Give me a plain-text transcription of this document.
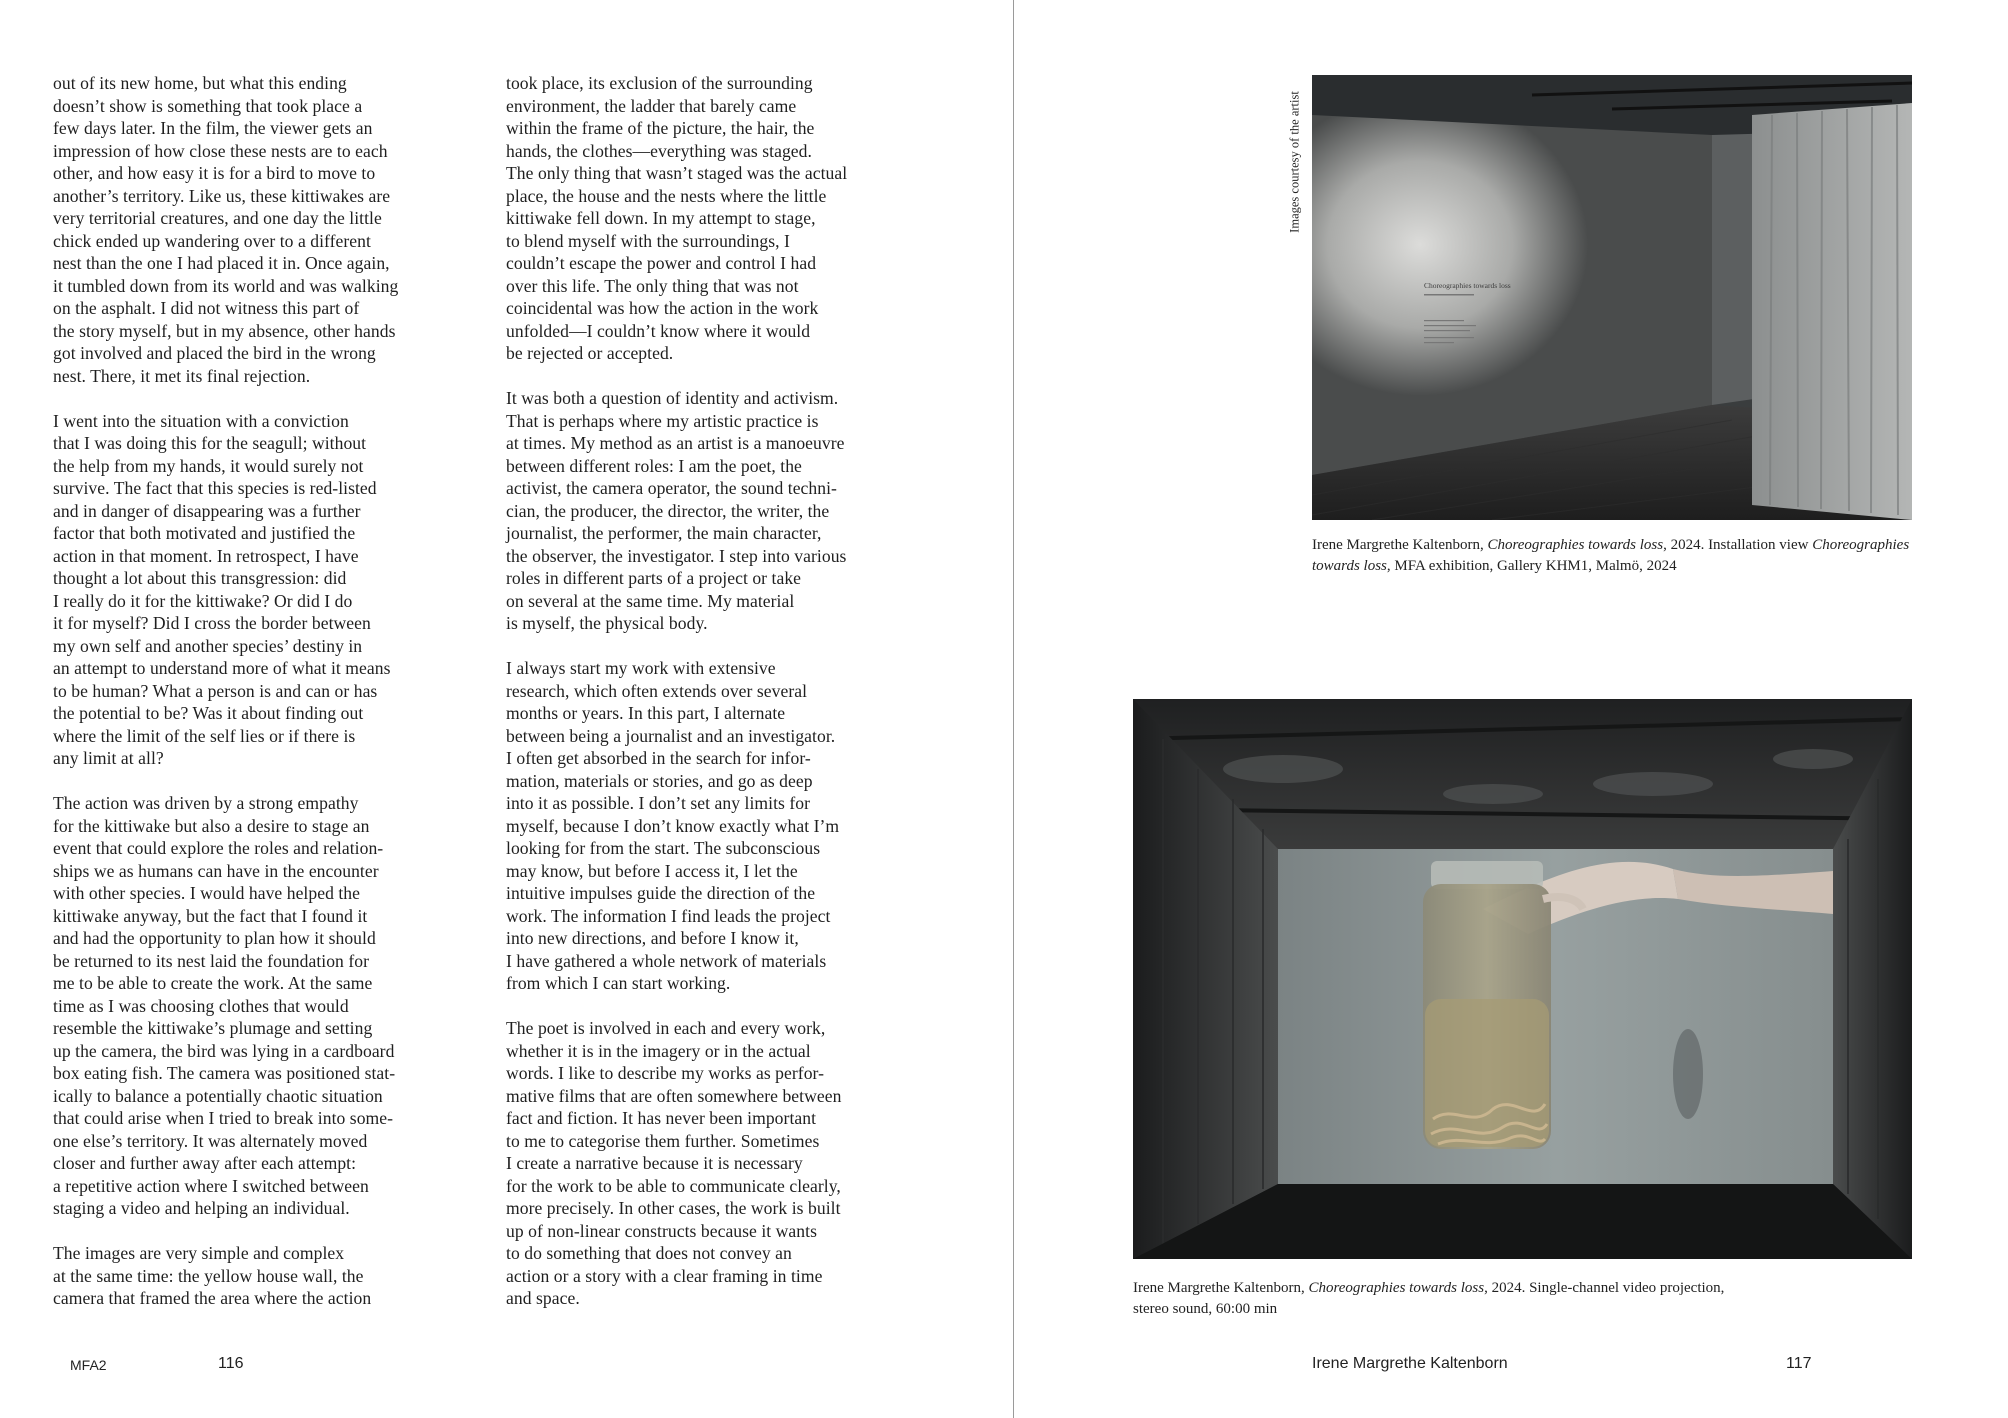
out of its new home, but what this ending
doesn’t show is something that took place a
few days later. In the film, the viewer gets an
impression of how close these nests are to each
other, and how easy it is for a bird to move to
another’s territory. Like us, these kittiwakes are
very territorial creatures, and one day the little
chick ended up wandering over to a different
nest than the one I had placed it in. Once again,
it tumbled down from its world and was walking
on the asphalt. I did not witness this part of
the story myself, but in my absence, other hands
got involved and placed the bird in the wrong
nest. There, it met its final rejection.

I went into the situation with a conviction
that I was doing this for the seagull; without
the help from my hands, it would surely not
survive. The fact that this species is red-listed
and in danger of disappearing was a further
factor that both motivated and justified the
action in that moment. In retrospect, I have
thought a lot about this transgression: did
I really do it for the kittiwake? Or did I do
it for myself? Did I cross the border between
my own self and another species’ destiny in
an attempt to understand more of what it means
to be human? What a person is and can or has
the potential to be? Was it about finding out
where the limit of the self lies or if there is
any limit at all?

The action was driven by a strong empathy
for the kittiwake but also a desire to stage an
event that could explore the roles and relation-
ships we as humans can have in the encounter
with other species. I would have helped the
kittiwake anyway, but the fact that I found it
and had the opportunity to plan how it should
be returned to its nest laid the foundation for
me to be able to create the work. At the same
time as I was choosing clothes that would
resemble the kittiwake’s plumage and setting
up the camera, the bird was lying in a cardboard
box eating fish. The camera was positioned stat-
ically to balance a potentially chaotic situation
that could arise when I tried to break into some-
one else’s territory. It was alternately moved
closer and further away after each attempt:
a repetitive action where I switched between
staging a video and helping an individual.

The images are very simple and complex
at the same time: the yellow house wall, the
camera that framed the area where the action

took place, its exclusion of the surrounding
environment, the ladder that barely came
within the frame of the picture, the hair, the
hands, the clothes—everything was staged.
The only thing that wasn’t staged was the actual
place, the house and the nests where the little
kittiwake fell down. In my attempt to stage,
to blend myself with the surroundings, I
couldn’t escape the power and control I had
over this life. The only thing that was not
coincidental was how the action in the work
unfolded—I couldn’t know where it would
be rejected or accepted.

It was both a question of identity and activism.
That is perhaps where my artistic practice is
at times. My method as an artist is a manoeuvre
between different roles: I am the poet, the
activist, the camera operator, the sound techni-
cian, the producer, the director, the writer, the
journalist, the performer, the main character,
the observer, the investigator. I step into various
roles in different parts of a project or take
on several at the same time. My material
is myself, the physical body.

I always start my work with extensive
research, which often extends over several
months or years. In this part, I alternate
between being a journalist and an investigator.
I often get absorbed in the search for infor-
mation, materials or stories, and go as deep
into it as possible. I don’t set any limits for
myself, because I don’t know exactly what I’m
looking for from the start. The subconscious
may know, but before I access it, I let the
intuitive impulses guide the direction of the
work. The information I find leads the project
into new directions, and before I know it,
I have gathered a whole network of materials
from which I can start working.

The poet is involved in each and every work,
whether it is in the imagery or in the actual
words. I like to describe my works as perfor-
mative films that are often somewhere between
fact and fiction. It has never been important
to me to categorise them further. Sometimes
I create a narrative because it is necessary
for the work to be able to communicate clearly,
more precisely. In other cases, the work is built
up of non-linear constructs because it wants
to do something that does not convey an
action or a story with a clear framing in time
and space.

MFA2	116
Images courtesy of the artist
Choreographies towards loss
Irene Margrethe Kaltenborn, Choreographies towards loss, 2024. Installation view Choreographies
towards loss, MFA exhibition, Gallery KHM1, Malmö, 2024
Irene Margrethe Kaltenborn, Choreographies towards loss, 2024. Single-channel video projection,
stereo sound, 60:00 min
Irene Margrethe Kaltenborn	117
